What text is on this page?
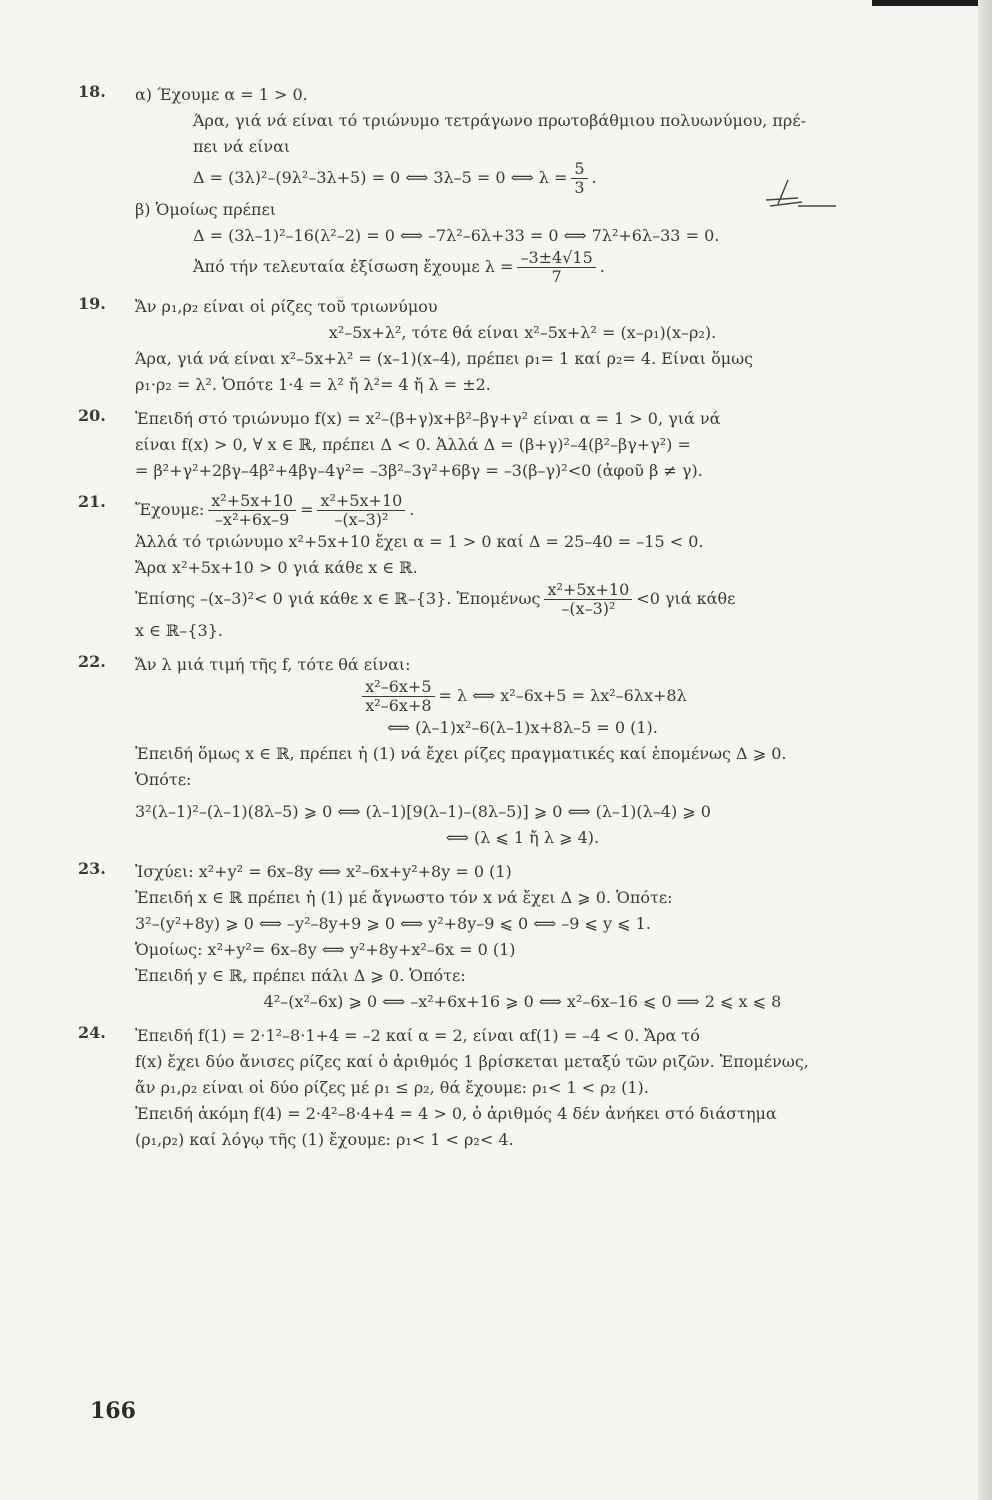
18. α) Έχουμε α = 1 > 0.
Άρα, γιά νά είναι τό τριώνυμο τετράγωνο πρωτοβάθμιου πολυωνύμου, πρέ-
πει νά είναι
Δ = (3λ)²–(9λ²–3λ+5) = 0 ⟺ 3λ–5 = 0 ⟺ $\lambda = \frac{5}{3}$ .
β) Ὁμοίως πρέπει
Δ = (3λ–1)²–16(λ²–2) = 0 ⟺ –7λ²–6λ+33 = 0 ⟺ 7λ²+6λ–33 = 0.
Ἀπό τήν τελευταία ἐξίσωση ἔχουμε $\lambda = \frac{-3\pm 4√15}{7}$ .
19. Ἄν ρ₁,ρ₂ είναι οἱ ρίζες τοῦ τριωνύμου
x²–5x+λ², τότε θά είναι x²–5x+λ² = (x–ρ₁)(x–ρ₂).
Άρα, γιά νά είναι x²–5x+λ² = (x–1)(x–4), πρέπει ρ₁= 1 καί ρ₂= 4. Είναι ὅμως
ρ₁·ρ₂ = λ². Ὁπότε 1·4 = λ² ἤ λ²= 4 ἤ λ = ±2.
20. Ἐπειδή στό τριώνυμο f(x) = x²–(β+γ)x+β²–βγ+γ² είναι α = 1 > 0, γιά νά
είναι f(x) > 0, ∀ x ∈ ℝ, πρέπει Δ < 0. Ἀλλά Δ = (β+γ)²–4(β²–βγ+γ²) =
= β²+γ²+2βγ–4β²+4βγ–4γ²= –3β²–3γ²+6βγ = –3(β–γ)²<0 (ἀφοῦ β ≠ γ).
21. Ἔχουμε: $\frac{\text{x²+5x+10}}{\text{–x²+6x–9}} = \frac{\text{x²+5x+10}}{\text{–(x–3)²}}$ .
Ἀλλά τό τριώνυμο x²+5x+10 ἔχει α = 1 > 0 καί Δ = 25–40 = –15 < 0.
Ἄρα x²+5x+10 > 0 γιά κάθε x ∈ ℝ.
Ἐπίσης –(x–3)²< 0 γιά κάθε x ∈ ℝ–{3}. Ἑπομένως $\frac{\text{x²+5x+10}}{\text{–(x–3)²}} <0$ γιά κάθε
x ∈ ℝ–{3}.
22. Ἄν λ μιά τιμή τῆς f, τότε θά είναι:
$\frac{\text{x²–6x+5}}{\text{x²–6x+8}} = \lambda$ ⟺ x²–6x+5 = λx²–6λx+8λ
⟺ (λ–1)x²–6(λ–1)x+8λ–5 = 0 (1).
Ἐπειδή ὅμως x ∈ ℝ, πρέπει ἡ (1) νά ἔχει ρίζες πραγματικές καί ἑπομένως Δ ⩾ 0.
Ὁπότε:
3²(λ–1)²–(λ–1)(8λ–5) ⩾ 0 ⟺ (λ–1)[9(λ–1)–(8λ–5)] ⩾ 0 ⟺ (λ–1)(λ–4) ⩾ 0
⟺ (λ ⩽ 1 ἤ λ ⩾ 4).
23. Ἰσχύει: x²+y² = 6x–8y ⟺ x²–6x+y²+8y = 0 (1)
Ἐπειδή x ∈ ℝ πρέπει ἡ (1) μέ ἄγνωστο τόν x νά ἔχει Δ ⩾ 0. Ὁπότε:
3²–(y²+8y) ⩾ 0 ⟺ –y²–8y+9 ⩾ 0 ⟺ y²+8y–9 ⩽ 0 ⟺ –9 ⩽ y ⩽ 1.
Ὁμοίως: x²+y²= 6x–8y ⟺ y²+8y+x²–6x = 0 (1)
Ἐπειδή y ∈ ℝ, πρέπει πάλι Δ ⩾ 0. Ὁπότε:
4²–(x²–6x) ⩾ 0 ⟺ –x²+6x+16 ⩾ 0 ⟺ x²–6x–16 ⩽ 0 ⟹ 2 ⩽ x ⩽ 8
24. Ἐπειδή f(1) = 2·1²–8·1+4 = –2 καί α = 2, είναι αf(1) = –4 < 0. Ἄρα τό
f(x) ἔχει δύο ἄνισες ρίζες καί ὁ ἀριθμός 1 βρίσκεται μεταξύ τῶν ριζῶν. Ἑπομένως,
ἄν ρ₁,ρ₂ είναι οἱ δύο ρίζες μέ ρ₁ ≤ ρ₂, θά ἔχουμε: ρ₁< 1 < ρ₂ (1).
Ἐπειδή ἀκόμη f(4) = 2·4²–8·4+4 = 4 > 0, ὁ ἀριθμός 4 δέν ἀνήκει στό διάστημα
(ρ₁,ρ₂) καί λόγῳ τῆς (1) ἔχουμε: ρ₁< 1 < ρ₂< 4.
166
